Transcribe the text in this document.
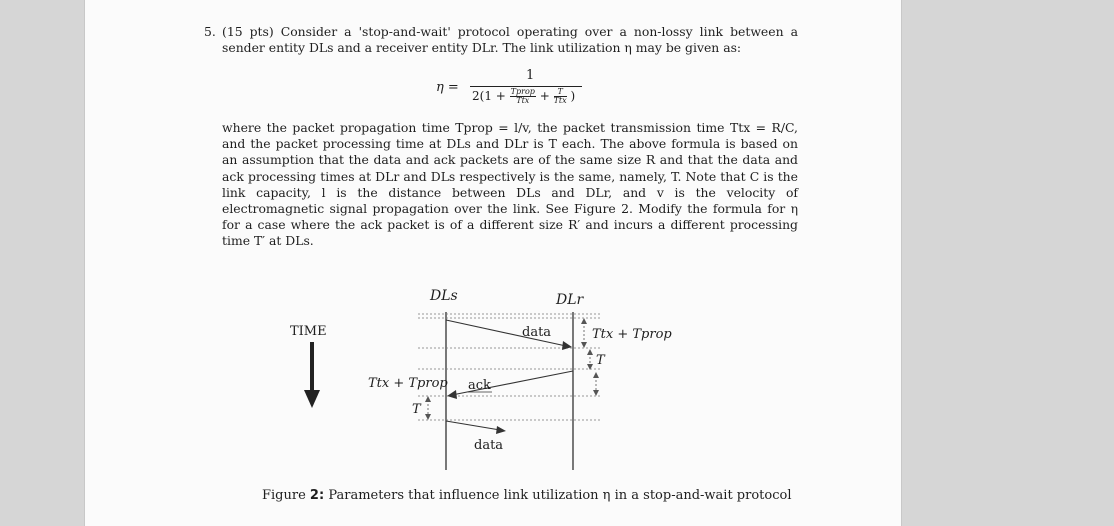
5. (15 pts) Consider a 'stop-and-wait' protocol operating over a non-lossy link between a sender entity DLs and a receiver entity DLr. The link utilization η may be given as:

η =
1
$2(1 + \frac{\text{Tprop}}{\text{Ttx}} + \frac{T}{\text{Ttx}}$ )
where the packet propagation time Tprop = l/v, the packet transmission time Ttx = R/C, and the packet processing time at DLs and DLr is T each. The above formula is based on an assumption that the data and ack packets are of the same size R and that the data and ack processing times at DLr and DLs respectively is the same, namely, T. Note that C is the link capacity, l is the distance between DLs and DLr, and v is the velocity of electromagnetic signal propagation over the link. See Figure 2. Modify the formula for η for a case where the ack packet is of a different size R′ and incurs a different processing time T′ at DLs.
DLs	DLr
TIME	data
ack
data
Ttx + Tprop
T
Ttx + Tprop
T
Figure 2: Parameters that influence link utilization η in a stop-and-wait protocol
